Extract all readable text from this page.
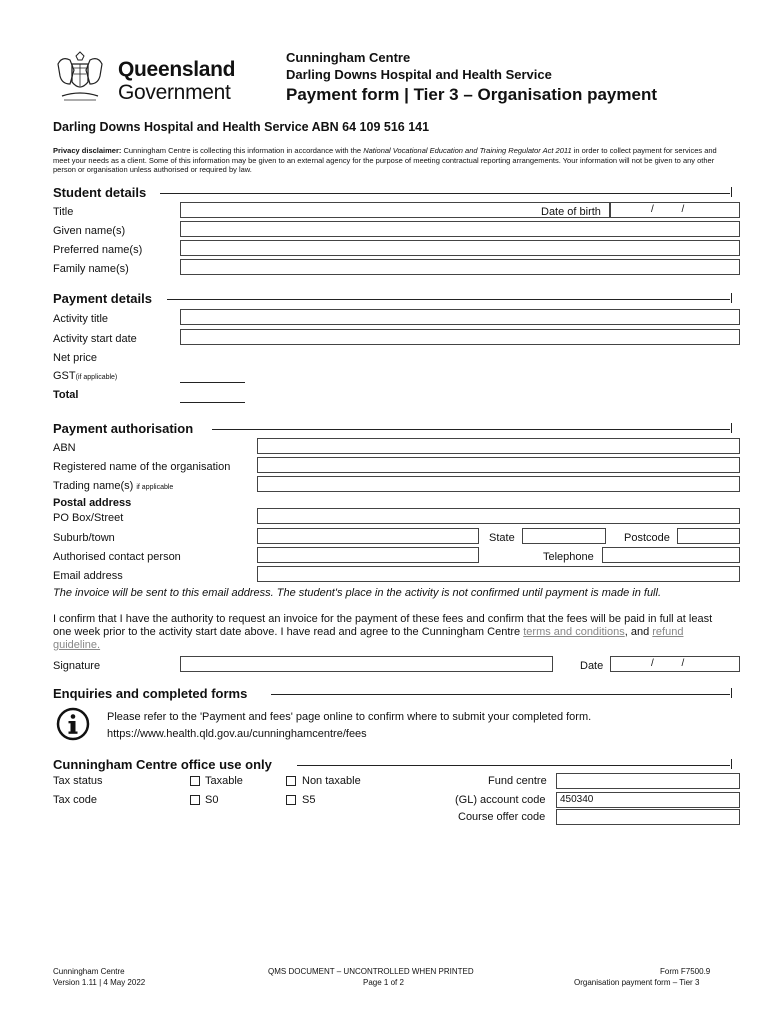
Queensland
Government
Cunningham Centre
Darling Downs Hospital and Health Service
Payment form | Tier 3 – Organisation payment
Darling Downs Hospital and Health Service ABN 64 109 516 141
Privacy disclaimer: Cunningham Centre is collecting this information in accordance with the National Vocational Education and Training Regulator Act 2011 in order to collect payment for services and meet your needs as a client. Some of this information may be given to an external agency for the purpose of meeting contractual reporting arrangements. Your information will not be given to any other person or organisation unless authorised or required by law.
Student details
Title	Date of birth	/          /
Given name(s)
Preferred name(s)
Family name(s)
Payment details
Activity title
Activity start date
Net price
GST(if applicable)
Total
Payment authorisation
ABN
Registered name of the organisation
Trading name(s) if applicable
Postal address
PO Box/Street
Suburb/town	State	Postcode
Authorised contact person	Telephone
Email address
The invoice will be sent to this email address. The student's place in the activity is not confirmed until payment is made in full.
I confirm that I have the authority to request an invoice for the payment of these fees and confirm that the fees will be paid in full at least one week prior to the activity start date above. I have read and agree to the Cunningham Centre terms and conditions, and refund guideline.
Signature	Date	/          /
Enquiries and completed forms
Please refer to the 'Payment and fees' page online to confirm where to submit your completed form.
https://www.health.qld.gov.au/cunninghamcentre/fees
Cunningham Centre office use only
Tax status	Taxable	Non taxable	Fund centre
Tax code	S0	S5	(GL) account code 450340
Course offer code
Cunningham Centre
Version 1.11 | 4 May 2022
QMS DOCUMENT – UNCONTROLLED WHEN PRINTED
Page 1 of 2
Form F7500.9
Organisation payment form – Tier 3
